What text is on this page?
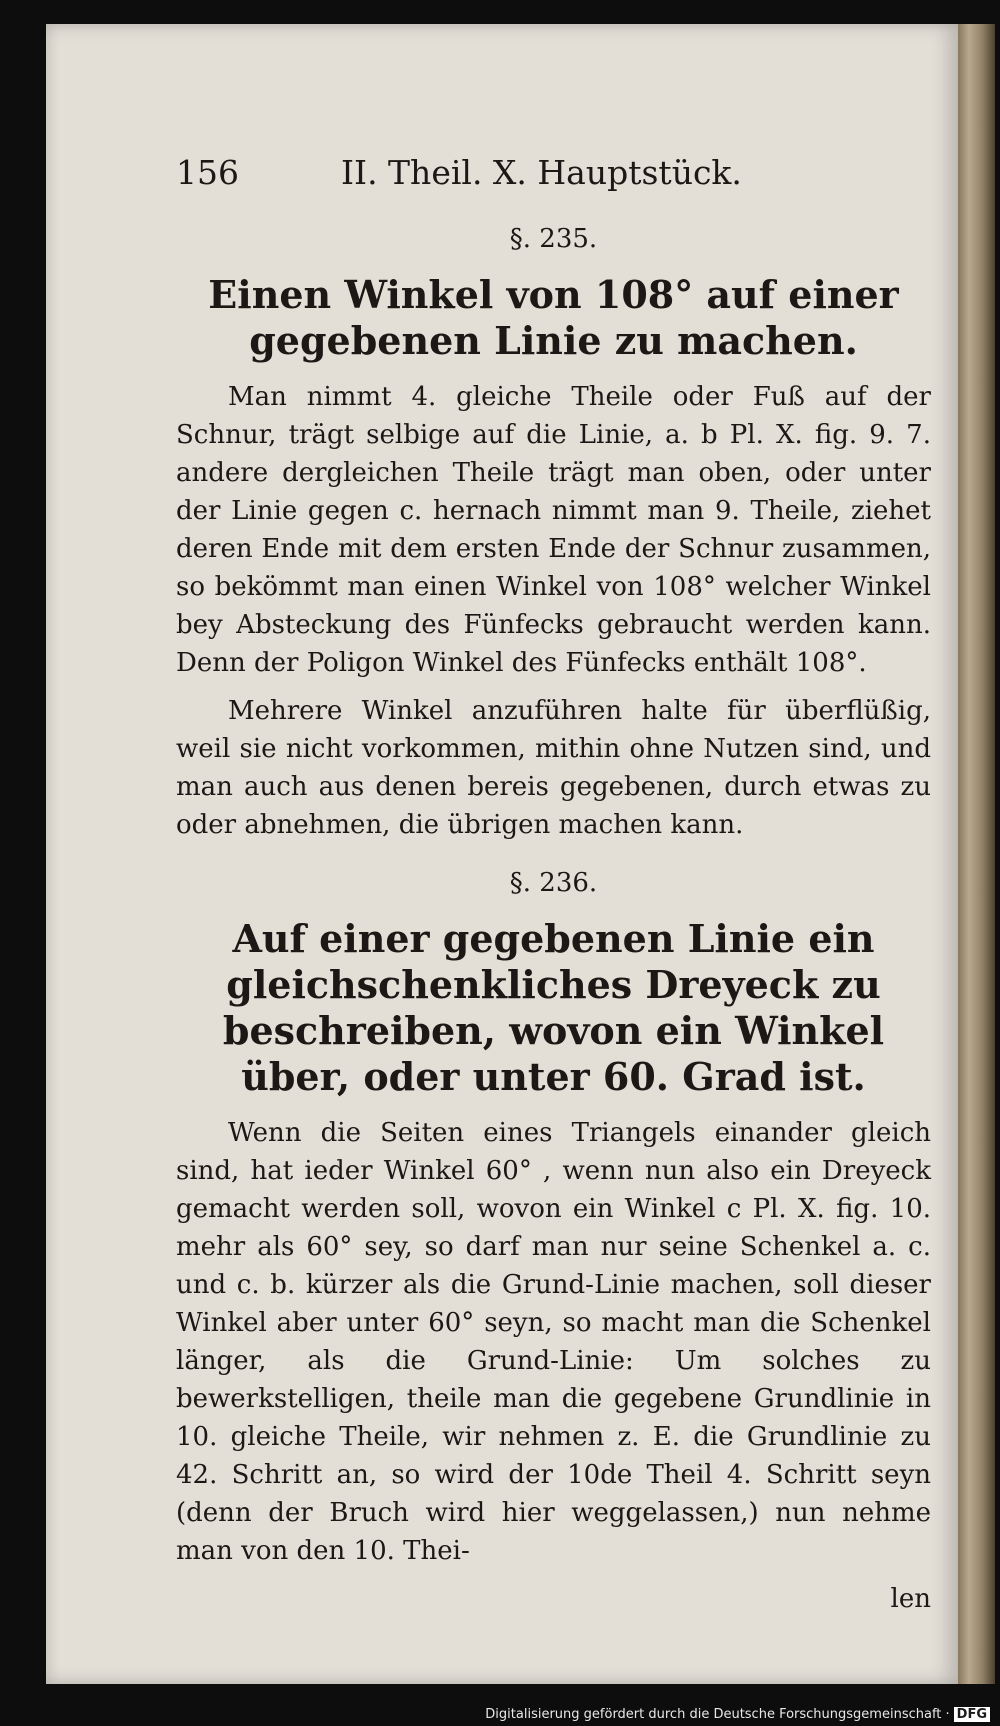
156	II. Theil. X. Hauptstück.
§. 235.
Einen Winkel von 108° auf einer gegebenen Linie zu machen.

Man nimmt 4. gleiche Theile oder Fuß auf der Schnur, trägt selbige auf die Linie, a. b Pl. X. fig. 9. 7. andere dergleichen Theile trägt man oben, oder unter der Linie gegen c. hernach nimmt man 9. Theile, ziehet deren Ende mit dem ersten Ende der Schnur zusammen, so bekömmt man einen Winkel von 108° welcher Winkel bey Absteckung des Fünfecks gebraucht werden kann. Denn der Poligon Winkel des Fünfecks enthält 108°.

Mehrere Winkel anzuführen halte für überflüßig, weil sie nicht vorkommen, mithin ohne Nutzen sind, und man auch aus denen bereis gegebenen, durch etwas zu oder abnehmen, die übrigen machen kann.

§. 236.
Auf einer gegebenen Linie ein gleichschenkliches Dreyeck zu beschreiben, wovon ein Winkel über, oder unter 60. Grad ist.

Wenn die Seiten eines Triangels einander gleich sind, hat ieder Winkel 60° , wenn nun also ein Dreyeck gemacht werden soll, wovon ein Winkel c Pl. X. fig. 10. mehr als 60° sey, so darf man nur seine Schenkel a. c. und c. b. kürzer als die Grund-Linie machen, soll dieser Winkel aber unter 60° seyn, so macht man die Schenkel länger, als die Grund-Linie: Um solches zu bewerkstelligen, theile man die gegebene Grundlinie in 10. gleiche Theile, wir nehmen z. E. die Grundlinie zu 42. Schritt an, so wird der 10de Theil 4. Schritt seyn (denn der Bruch wird hier weggelassen,) nun nehme man von den 10. Thei-

len
Digitalisierung gefördert durch die Deutsche Forschungsgemeinschaft · DFG
